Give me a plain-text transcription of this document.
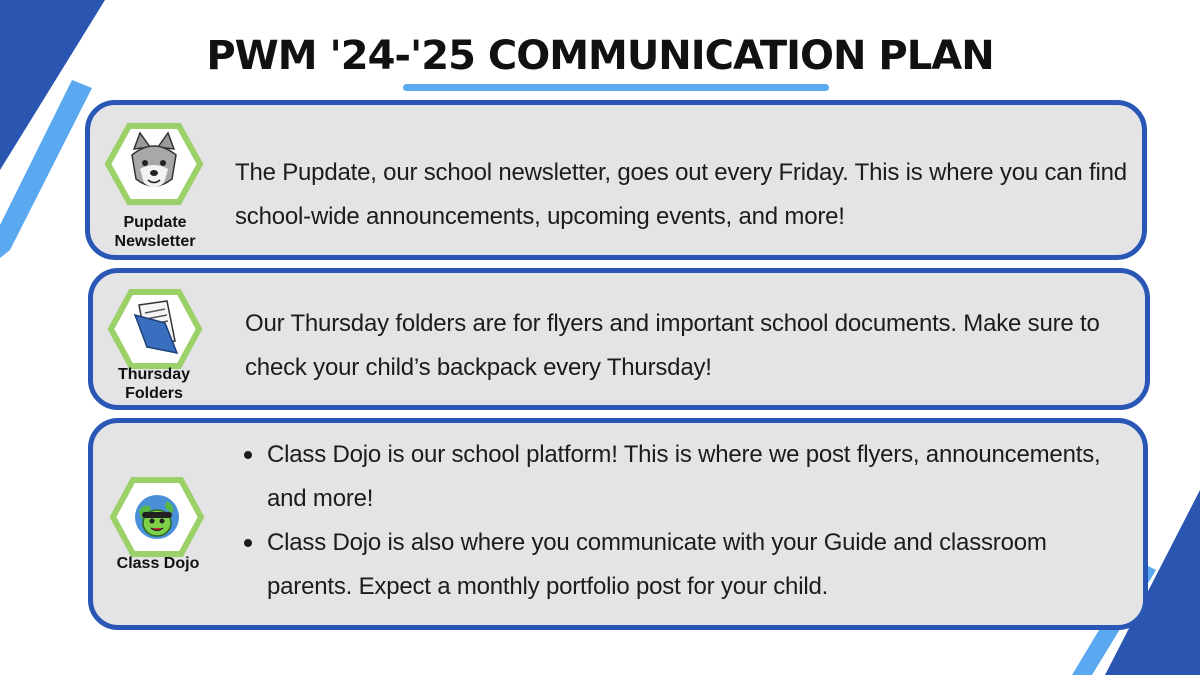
PWM '24-'25 COMMUNICATION PLAN
Pupdate
Newsletter

The Pupdate, our school newsletter, goes out every Friday. This is where you can find school-wide announcements, upcoming events, and more!

Thursday
Folders

Our Thursday folders are for flyers and important school documents. Make sure to check your child’s backpack every Thursday!

Class Dojo
Class Dojo is our school platform! This is where we post flyers, announcements, and more!
Class Dojo is also where you communicate with your Guide and classroom parents. Expect a monthly portfolio post for your child.
